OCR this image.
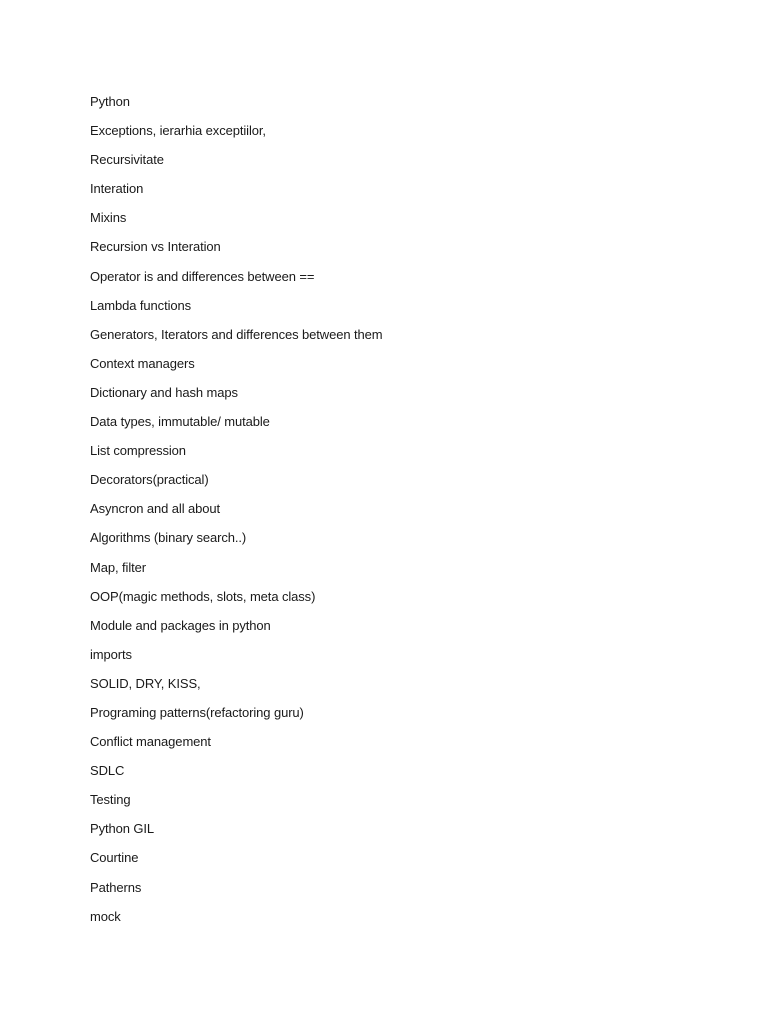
Python
Exceptions, ierarhia exceptiilor,
Recursivitate
Interation
Mixins
Recursion vs Interation
Operator is and differences between ==
Lambda functions
Generators, Iterators and differences between them
Context managers
Dictionary and hash maps
Data types, immutable/ mutable
List compression
Decorators(practical)
Asyncron and all about
Algorithms (binary search..)
Map, filter
OOP(magic methods, slots, meta class)
Module and packages in python
imports
SOLID, DRY, KISS,
Programing patterns(refactoring guru)
Conflict management
SDLC
Testing
Python GIL
Courtine
Patherns
mock
